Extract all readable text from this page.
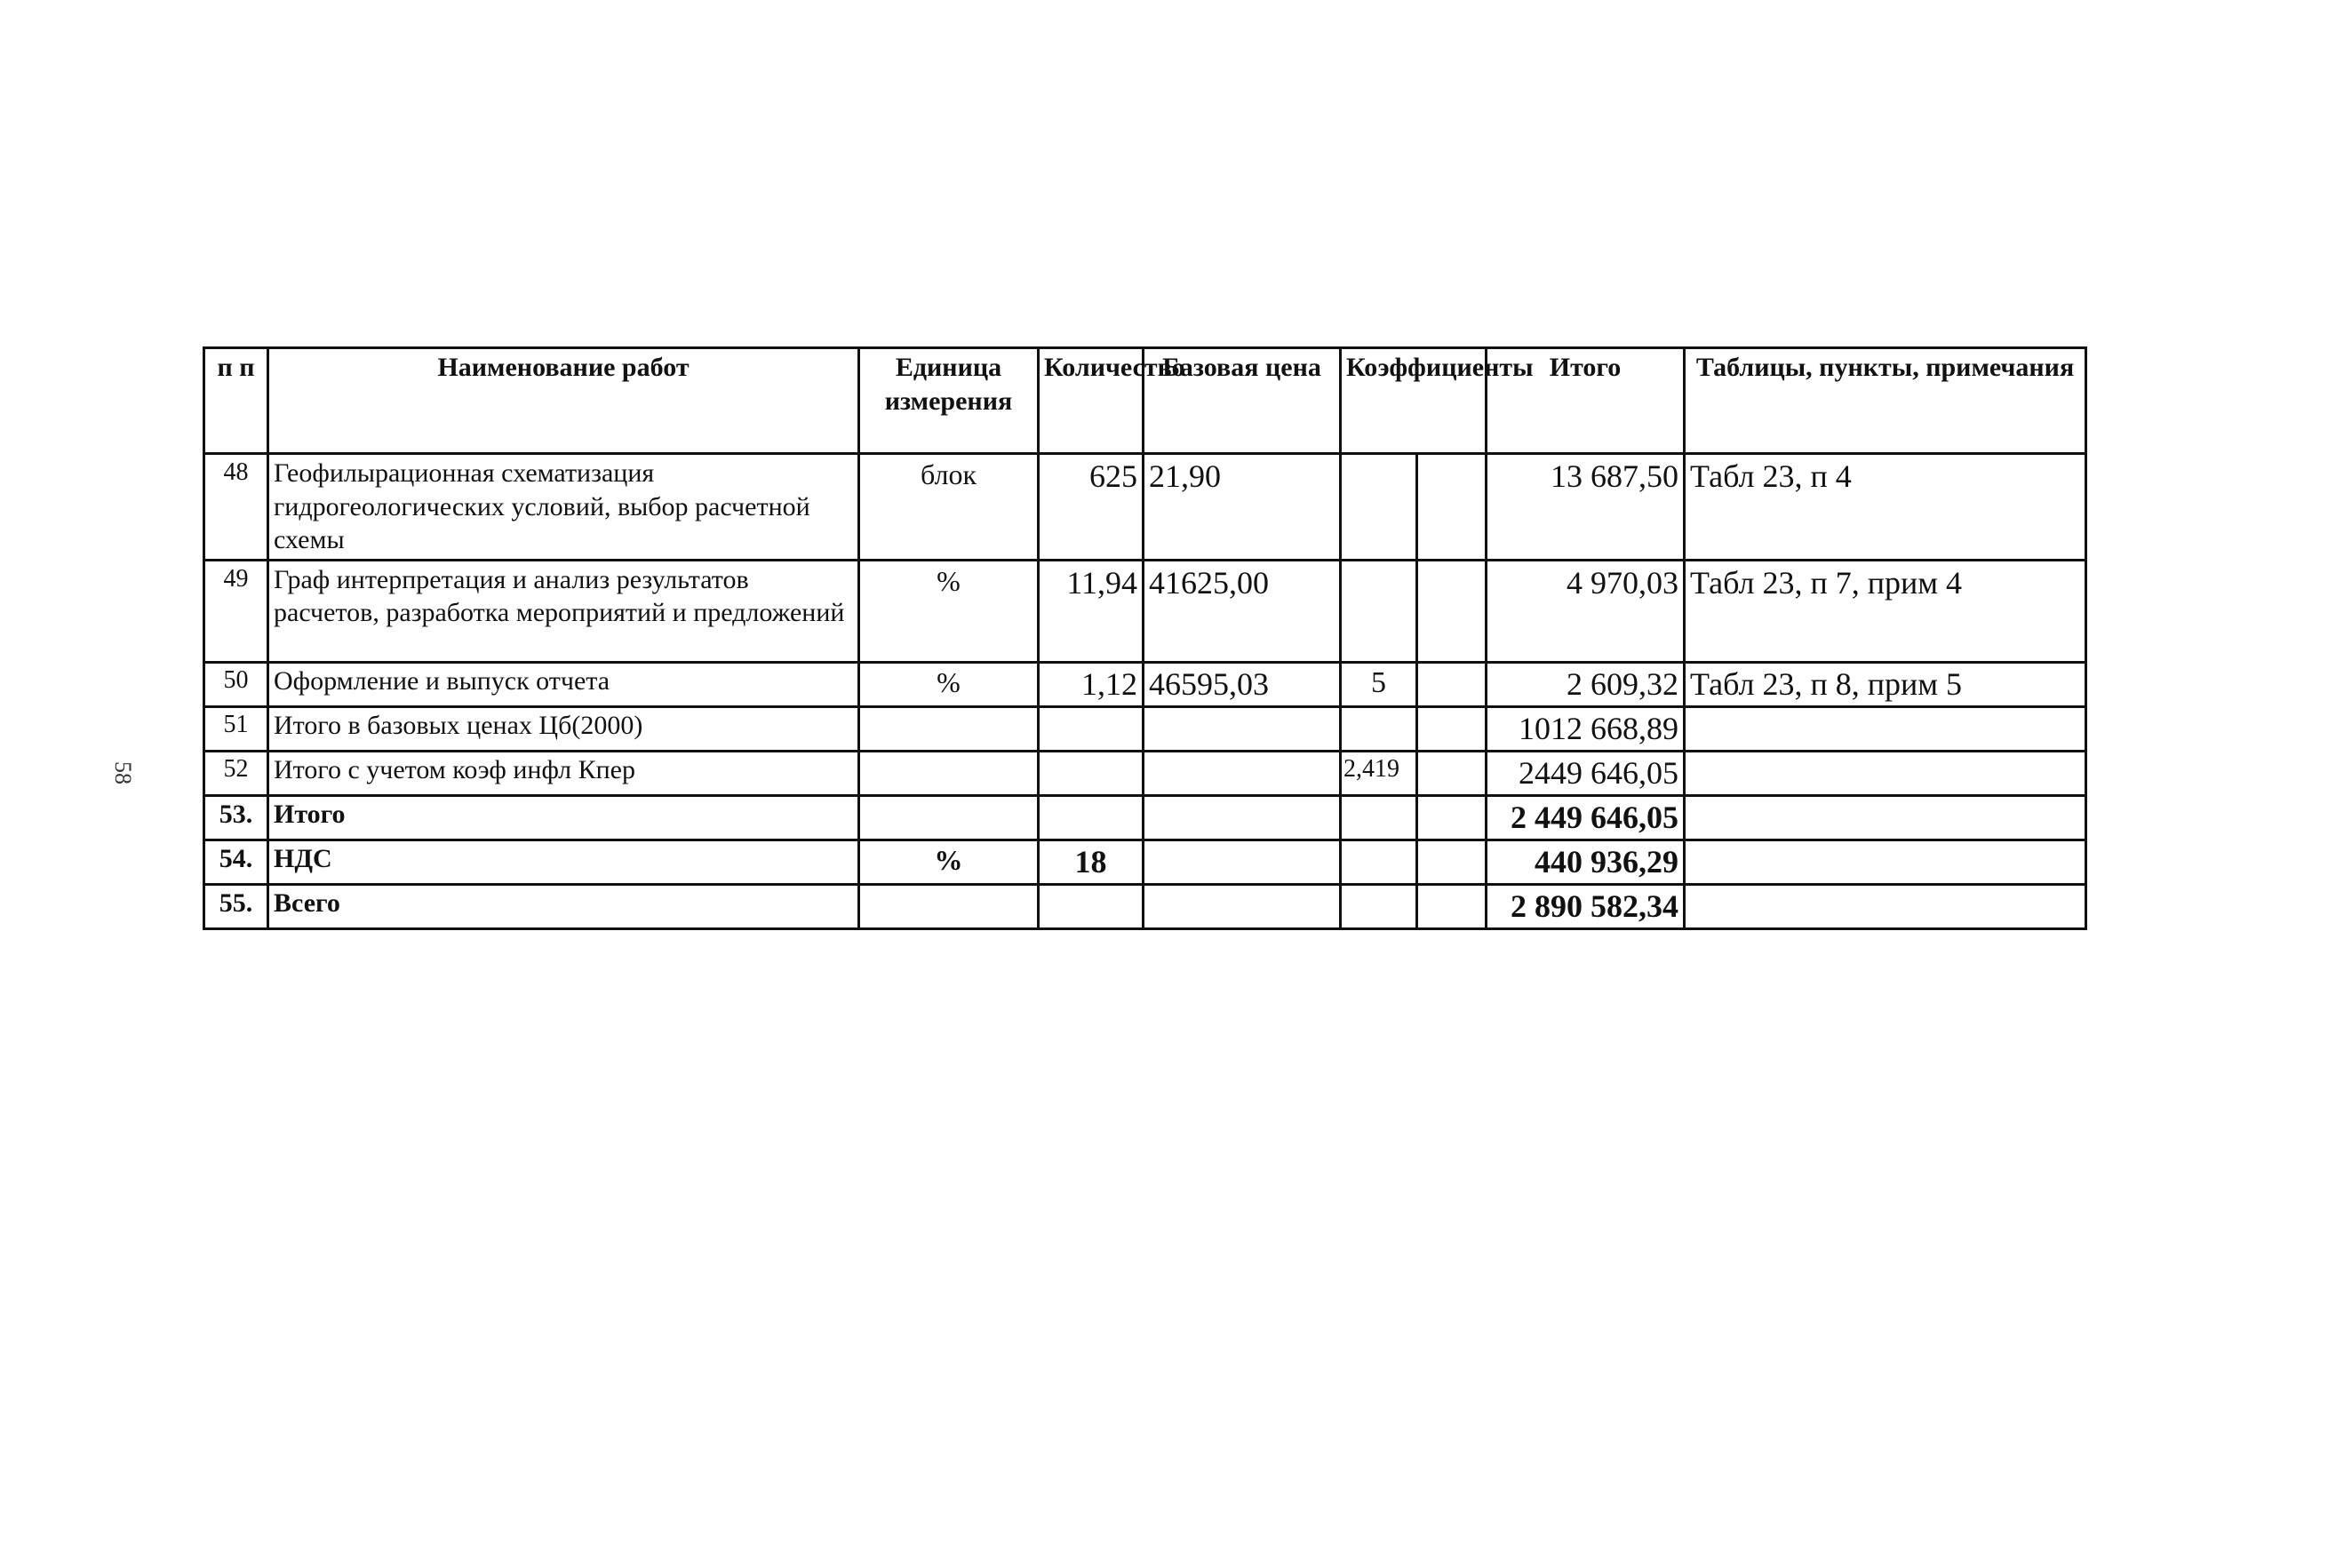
58
п п	Наименование работ	Единица измерения	Количество	Базовая цена	Коэффициенты		Итого	Таблицы, пункты, примечания
48	Геофилырационная схематизация гидрогеологических условий, выбор расчетной схемы	блок	625	21,90			13 687,50	Табл 23, п 4
49	Граф интерпретация и анализ результатов расчетов, разработка мероприятий и предложений	%	11,94	41625,00			4 970,03	Табл 23, п 7, прим 4
50	Оформление и выпуск отчета	%	1,12	46595,03	5		2 609,32	Табл 23, п 8, прим 5
51	Итого в базовых ценах Цб(2000)						1012 668,89	
52	Итого с учетом коэф инфл Кпер				2,419		2449 646,05	
53.	Итого						2 449 646,05	
54.	НДС	%	18				440 936,29	
55.	Всего						2 890 582,34	
